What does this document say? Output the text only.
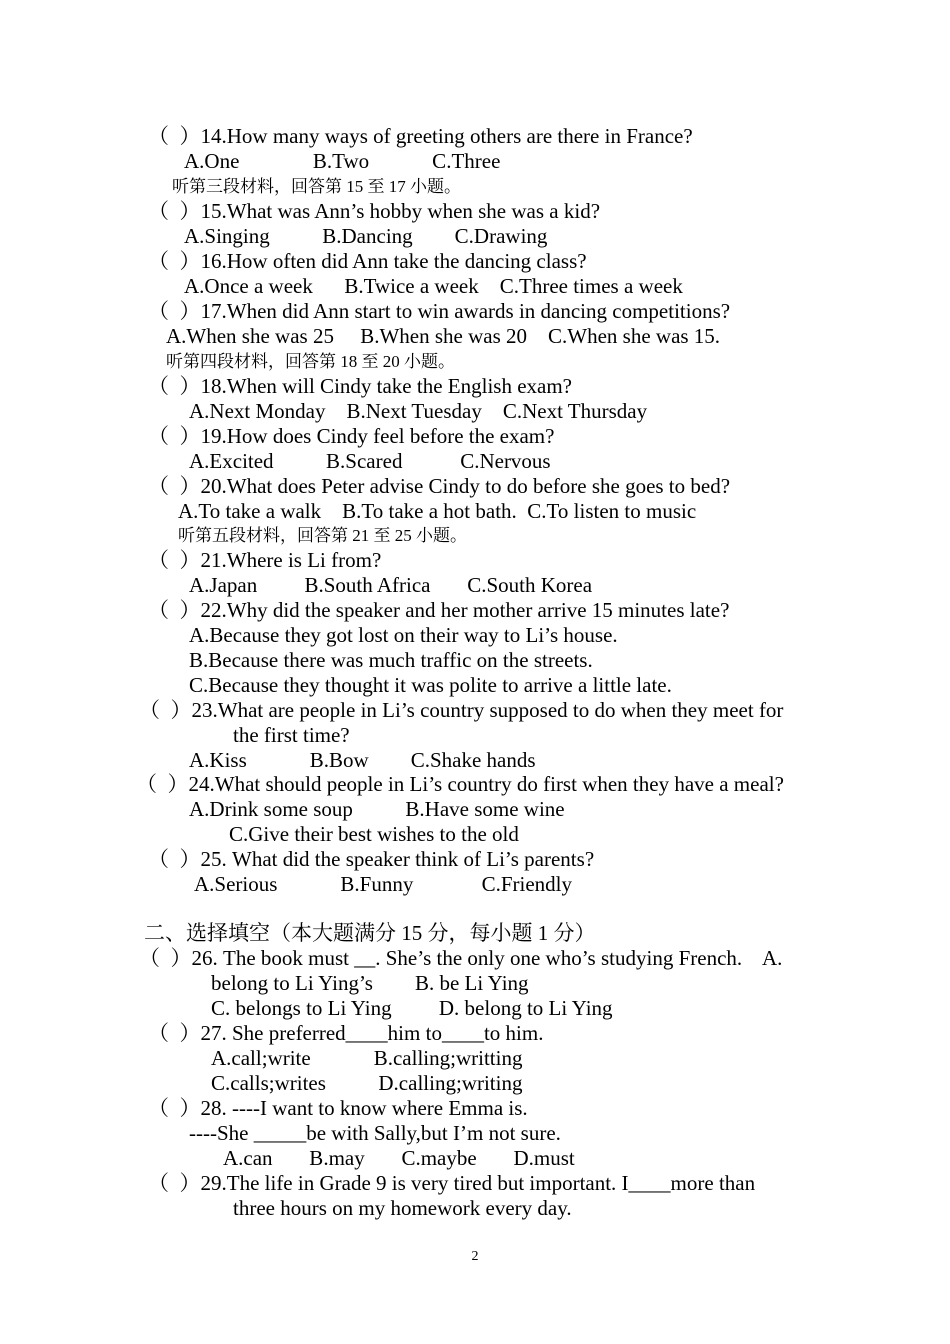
（  ）14.How many ways of greeting others are there in France?
A.One              B.Two            C.Three
听第三段材料，回答第 15 至 17 小题。
（  ）15.What was Ann’s hobby when she was a kid?
A.Singing          B.Dancing        C.Drawing
（  ）16.How often did Ann take the dancing class?
A.Once a week      B.Twice a week    C.Three times a week
（  ）17.When did Ann start to win awards in dancing competitions?
A.When she was 25     B.When she was 20    C.When she was 15.
听第四段材料，回答第 18 至 20 小题。
（  ）18.When will Cindy take the English exam?
A.Next Monday    B.Next Tuesday    C.Next Thursday
（  ）19.How does Cindy feel before the exam?
A.Excited          B.Scared           C.Nervous
（  ）20.What does Peter advise Cindy to do before she goes to bed?
A.To take a walk    B.To take a hot bath.  C.To listen to music
听第五段材料，回答第 21 至 25 小题。
（  ）21.Where is Li from?
A.Japan         B.South Africa       C.South Korea
（  ）22.Why did the speaker and her mother arrive 15 minutes late?
A.Because they got lost on their way to Li’s house.
B.Because there was much traffic on the streets.
C.Because they thought it was polite to arrive a little late.
（  ）23.What are people in Li’s country supposed to do when they meet for
the first time?
A.Kiss            B.Bow        C.Shake hands
（  ）24.What should people in Li’s country do first when they have a meal?
A.Drink some soup          B.Have some wine
C.Give their best wishes to the old
（  ）25. What did the speaker think of Li’s parents?
A.Serious            B.Funny             C.Friendly
二、选择填空（本大题满分 15 分，每小题 1 分）
（  ）26. The book must __. She’s the only one who’s studying French.    A.
belong to Li Ying’s        B. be Li Ying
C. belongs to Li Ying         D. belong to Li Ying
（  ）27. She preferred____him to____to him.
A.call;write            B.calling;writting
C.calls;writes          D.calling;writing
（  ）28. ----I want to know where Emma is.
----She _____be with Sally,but I’m not sure.
A.can       B.may       C.maybe       D.must
（  ）29.The life in Grade 9 is very tired but important. I____more than
three hours on my homework every day.
2
